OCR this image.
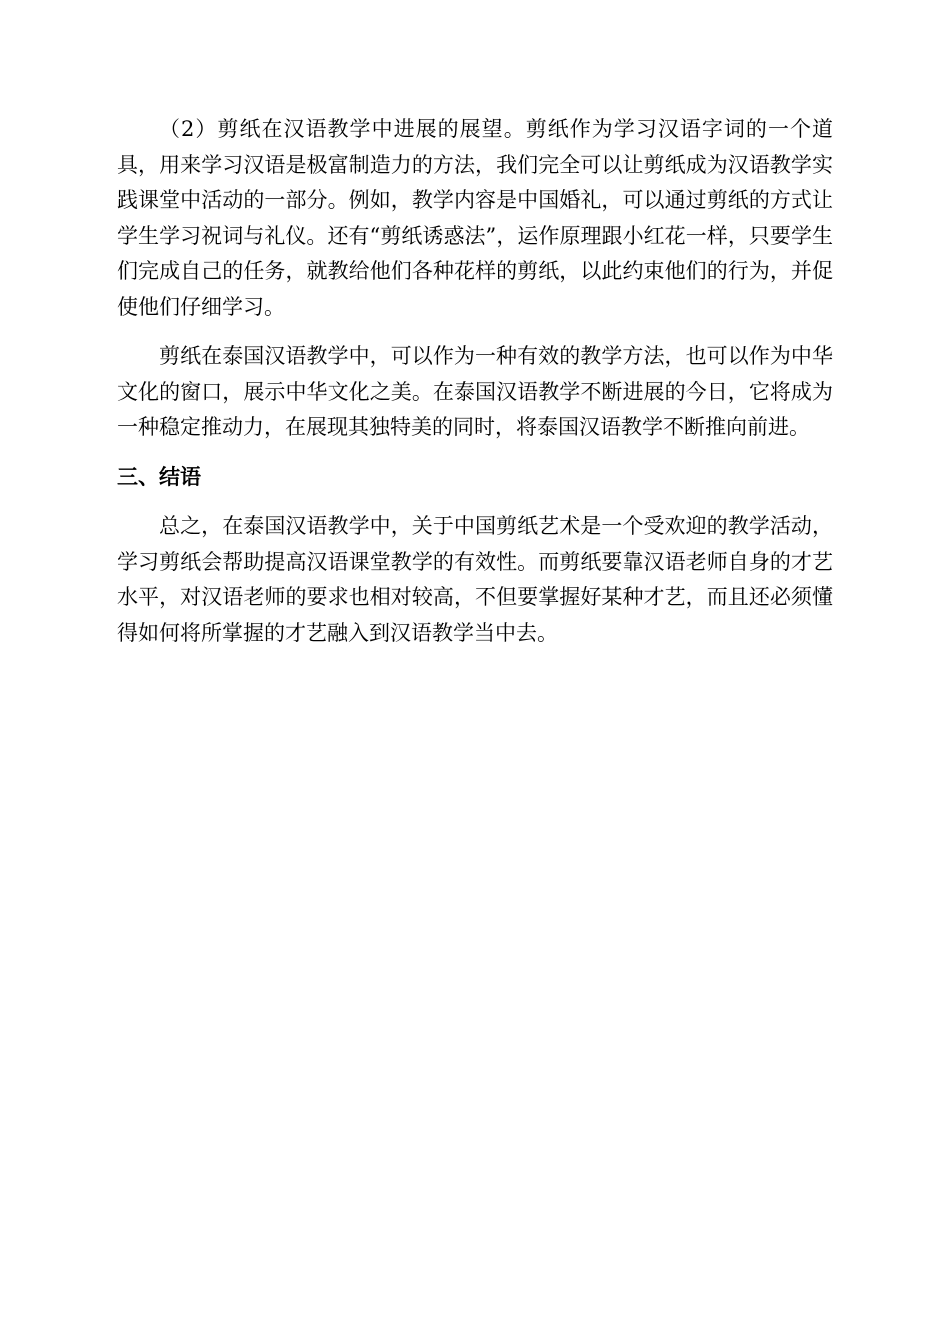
（2）剪纸在汉语教学中进展的展望。剪纸作为学习汉语字词的一个道具，用来学习汉语是极富制造力的方法，我们完全可以让剪纸成为汉语教学实践课堂中活动的一部分。例如，教学内容是中国婚礼，可以通过剪纸的方式让学生学习祝词与礼仪。还有“剪纸诱惑法”，运作原理跟小红花一样，只要学生们完成自己的任务，就教给他们各种花样的剪纸，以此约束他们的行为，并促使他们仔细学习。

剪纸在泰国汉语教学中，可以作为一种有效的教学方法，也可以作为中华文化的窗口，展示中华文化之美。在泰国汉语教学不断进展的今日，它将成为一种稳定推动力，在展现其独特美的同时，将泰国汉语教学不断推向前进。

三、结语

总之，在泰国汉语教学中，关于中国剪纸艺术是一个受欢迎的教学活动，学习剪纸会帮助提高汉语课堂教学的有效性。而剪纸要靠汉语老师自身的才艺水平，对汉语老师的要求也相对较高，不但要掌握好某种才艺，而且还必须懂得如何将所掌握的才艺融入到汉语教学当中去。
